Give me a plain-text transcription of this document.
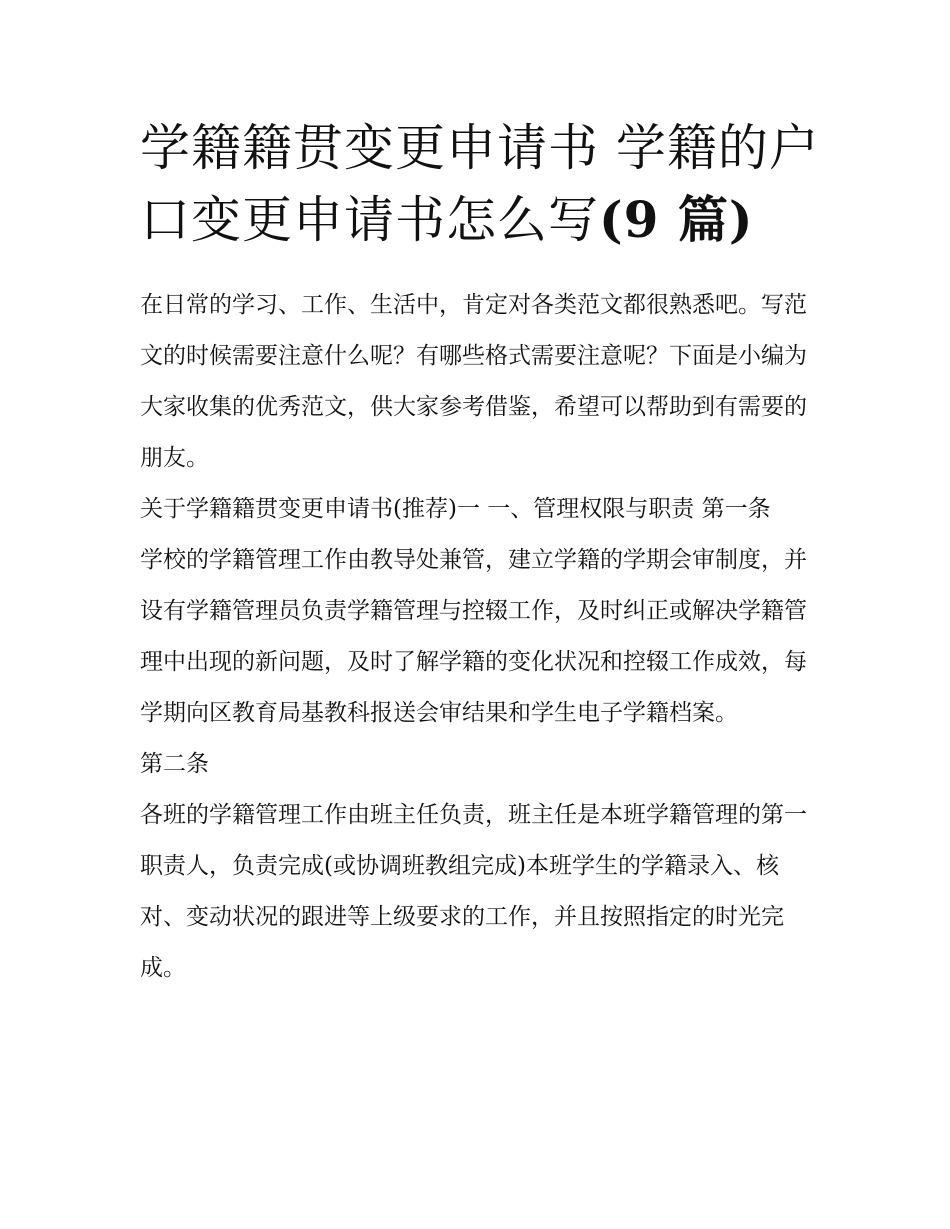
学籍籍贯变更申请书 学籍的户
口变更申请书怎么写(9 篇)

在日常的学习、工作、生活中，肯定对各类范文都很熟悉吧。写范文的时候需要注意什么呢？有哪些格式需要注意呢？下面是小编为大家收集的优秀范文，供大家参考借鉴，希望可以帮助到有需要的朋友。

关于学籍籍贯变更申请书(推荐)一 一、管理权限与职责 第一条

学校的学籍管理工作由教导处兼管，建立学籍的学期会审制度，并设有学籍管理员负责学籍管理与控辍工作，及时纠正或解决学籍管理中出现的新问题，及时了解学籍的变化状况和控辍工作成效，每学期向区教育局基教科报送会审结果和学生电子学籍档案。

第二条

各班的学籍管理工作由班主任负责，班主任是本班学籍管理的第一职责人，负责完成(或协调班教组完成)本班学生的学籍录入、核对、变动状况的跟进等上级要求的工作，并且按照指定的时光完成。
